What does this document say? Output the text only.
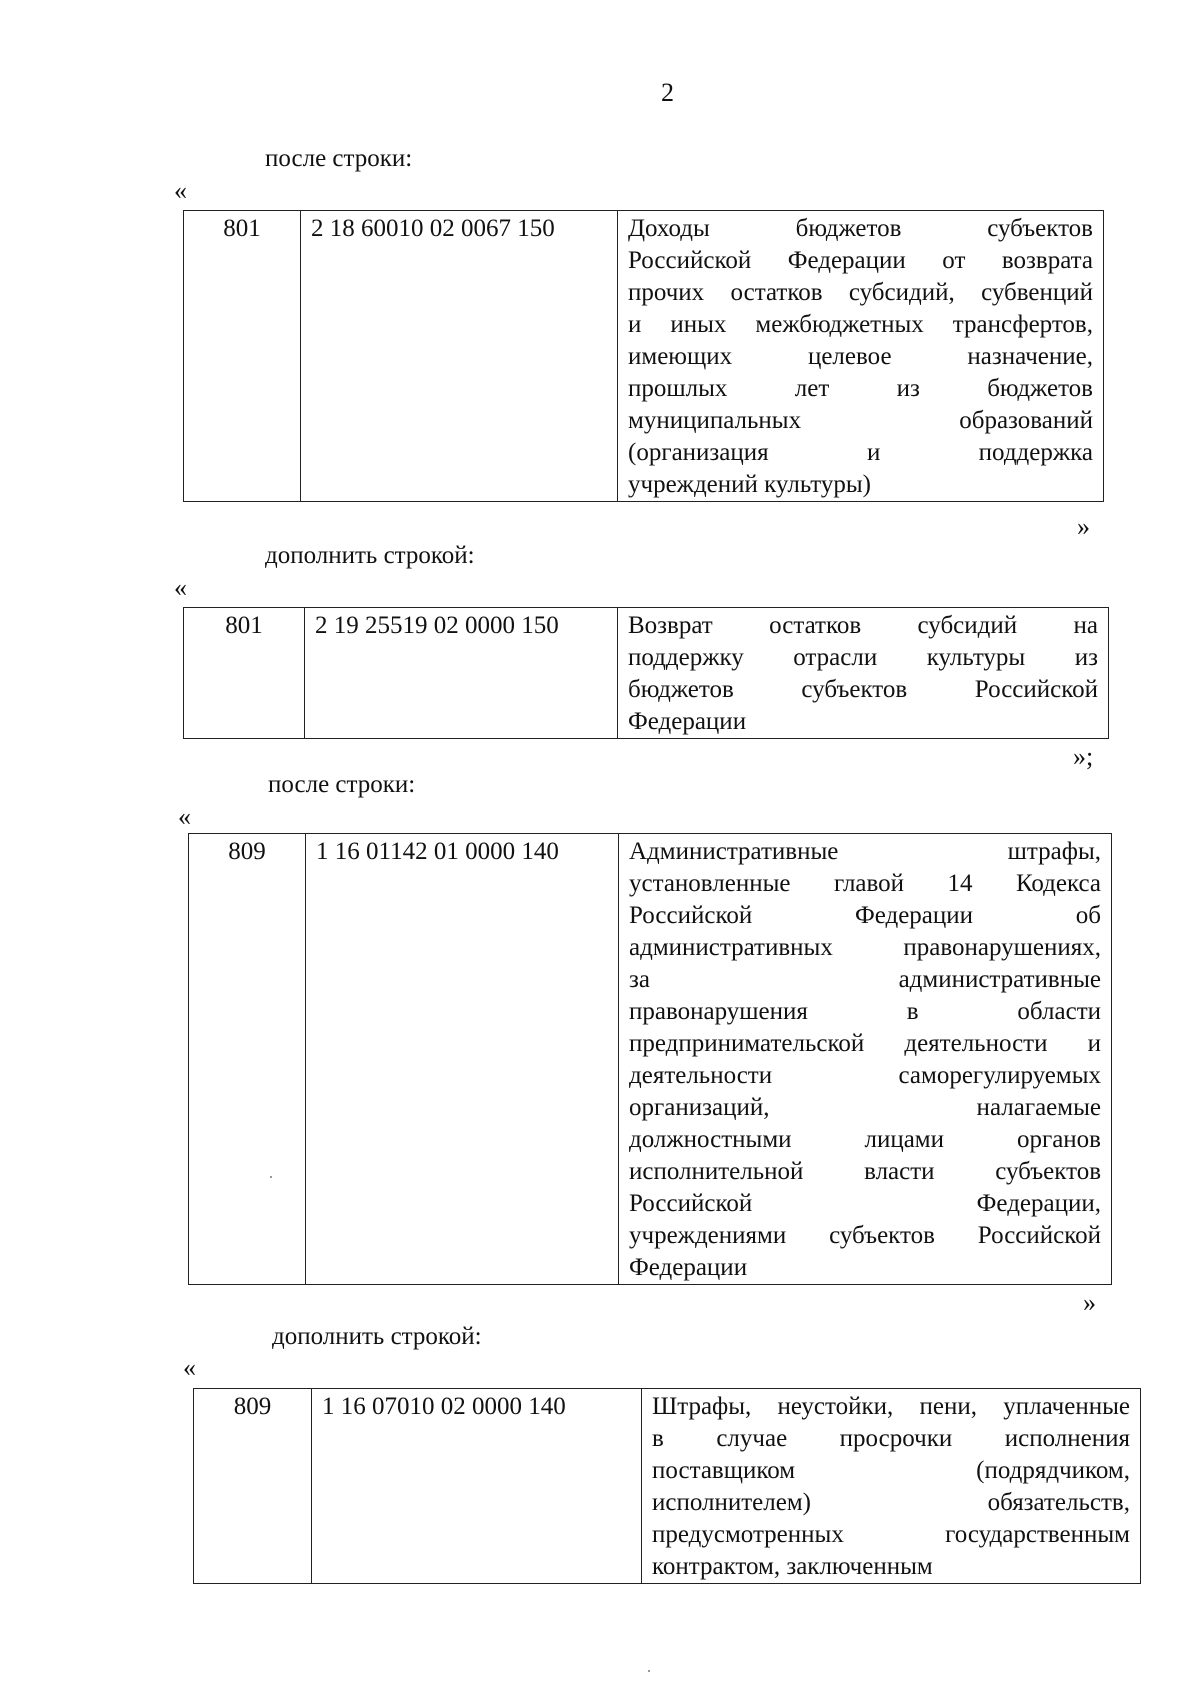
2
после строки:
«
801	2 18 60010 02 0067 150	Доходы бюджетов субъектов
Российской Федерации от возврата
прочих остатков субсидий, субвенций
и иных межбюджетных трансфертов,
имеющих целевое назначение,
прошлых лет из бюджетов
муниципальных образований
(организация и поддержка
учреждений культуры)
»
дополнить строкой:
«
801	2 19 25519 02 0000 150	Возврат остатков субсидий на
поддержку отрасли культуры из
бюджетов субъектов Российской
Федерации
»;
после строки:
«
809	1 16 01142 01 0000 140	Административные штрафы,
установленные главой 14 Кодекса
Российской Федерации об
административных правонарушениях,
за административные
правонарушения в области
предпринимательской деятельности и
деятельности саморегулируемых
организаций, налагаемые
должностными лицами органов
исполнительной власти субъектов
Российской Федерации,
учреждениями субъектов Российской
Федерации
»
дополнить строкой:
«
809	1 16 07010 02 0000 140	Штрафы, неустойки, пени, уплаченные
в случае просрочки исполнения
поставщиком (подрядчиком,
исполнителем) обязательств,
предусмотренных государственным
контрактом, заключенным
